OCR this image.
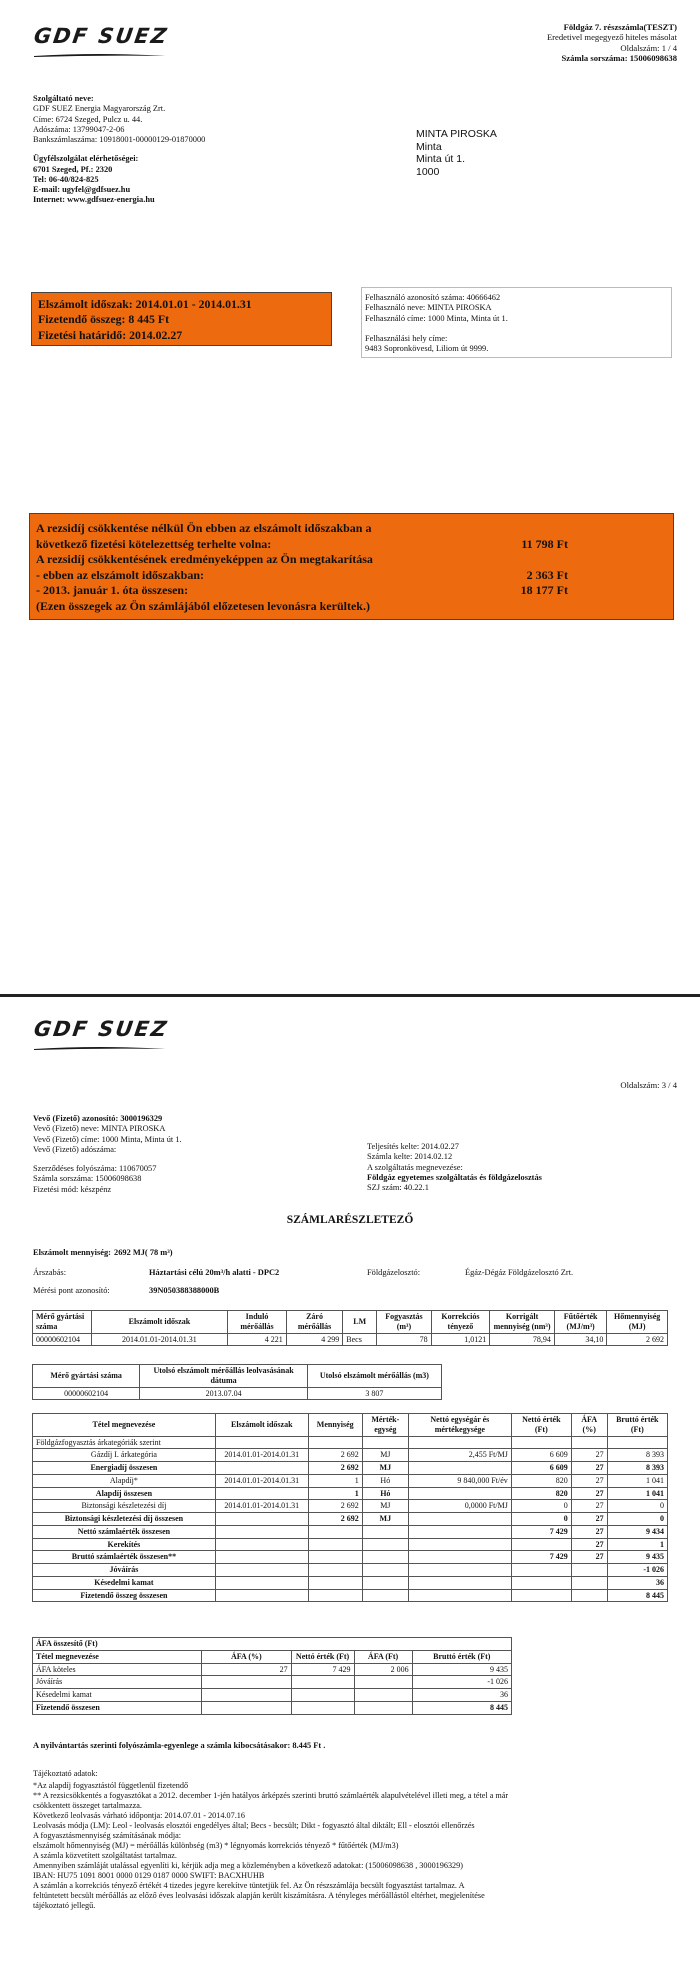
GDF SUEZ	Földgáz 7. részszámla(TESZT)
Eredetivel megegyező hiteles másolat
Oldalszám: 1 / 4
Számla sorszáma: 15006098638
Szolgáltató neve:
GDF SUEZ Energia Magyarország Zrt.
Címe: 6724 Szeged, Pulcz u. 44.
Adószáma: 13799047-2-06
Bankszámlaszáma: 10918001-00000129-01870000
Ügyfélszolgálat elérhetőségei:
6701 Szeged, Pf.: 2320
Tel: 06-40/824-825
E-mail: ugyfel@gdfsuez.hu
Internet: www.gdfsuez-energia.hu
MINTA PIROSKA
Minta
Minta út 1.
1000
Elszámolt időszak: 2014.01.01 - 2014.01.31
Fizetendő összeg: 8 445 Ft
Fizetési határidő: 2014.02.27
Felhasználó azonosító száma: 40666462
Felhasználó neve: MINTA PIROSKA
Felhasználó címe: 1000 Minta, Minta út 1.
Felhasználási hely címe:
9483 Sopronkövesd, Liliom út 9999.
A rezsidíj csökkentése nélkül Ön ebben az elszámolt időszakban a
következő fizetési kötelezettség terhelte volna:	11 798 Ft
A rezsidíj csökkentésének eredményeképpen az Ön megtakarítása
- ebben az elszámolt időszakban:	2 363 Ft
- 2013. január 1. óta összesen:	18 177 Ft
(Ezen összegek az Ön számlájából előzetesen levonásra kerültek.)
GDF SUEZ
Oldalszám: 3 / 4
Vevő (Fizető) azonosító: 3000196329
Vevő (Fizető) neve: MINTA PIROSKA
Vevő (Fizető) címe: 1000 Minta, Minta út 1.
Vevő (Fizető) adószáma:
Szerződéses folyószáma: 110670057
Számla sorszáma: 15006098638
Fizetési mód: készpénz
Teljesítés kelte: 2014.02.27
Számla kelte: 2014.02.12
A szolgáltatás megnevezése:
Földgáz egyetemes szolgáltatás és földgázelosztás
SZJ szám: 40.22.1
SZÁMLARÉSZLETEZŐ
Elszámolt mennyiség: 2692 MJ( 78 m³)
Árszabás:	Háztartási célú 20m³/h alatti - DPC2	Földgázelosztó:	Égáz-Dégáz Földgázelosztó Zrt.
Mérési pont azonosító:	39N050388388000B
Mérő gyártási száma	Elszámolt időszak	Induló mérőállás	Záró mérőállás	LM	Fogyasztás (m³)	Korrekciós tényező	Korrigált mennyiség (nm³)	Fűtőérték (MJ/m³)	Hőmennyiség (MJ)
00000602104	2014.01.01-2014.01.31	4 221	4 299	Becs	78	1,0121	78,94	34,10	2 692
Mérő gyártási száma	Utolsó elszámolt mérőállás leolvasásának dátuma	Utolsó elszámolt mérőállás (m3)
00000602104	2013.07.04	3 807
Tétel megnevezése	Elszámolt időszak	Mennyiség	Mérték-egység	Nettó egységár és mértékegysége	Nettó érték (Ft)	ÁFA (%)	Bruttó érték (Ft)
Földgázfogyasztás árkategóriák szerint							
Gázdíj I. árkategória	2014.01.01-2014.01.31	2 692	MJ	2,455 Ft/MJ	6 609	27	8 393
Energiadíj összesen		2 692	MJ		6 609	27	8 393
Alapdíj*	2014.01.01-2014.01.31	1	Hó	9 840,000 Ft/év	820	27	1 041
Alapdíj összesen		1	Hó		820	27	1 041
Biztonsági készletezési díj	2014.01.01-2014.01.31	2 692	MJ	0,0000 Ft/MJ	0	27	0
Biztonsági készletezési díj összesen		2 692	MJ		0	27	0
Nettó számlaérték összesen					7 429	27	9 434
Kerekítés						27	1
Bruttó számlaérték összesen**					7 429	27	9 435
Jóváírás							-1 026
Késedelmi kamat							36
Fizetendő összeg összesen							8 445
ÁFA összesítő (Ft)				
Tétel megnevezése	ÁFA (%)	Nettó érték (Ft)	ÁFA (Ft)	Bruttó érték (Ft)
ÁFA köteles	27	7 429	2 006	9 435
Jóváírás				-1 026
Késedelmi kamat				36
Fizetendő összesen				8 445
A nyilvántartás szerinti folyószámla-egyenlege a számla kibocsátásakor: 8.445 Ft .
Tájékoztató adatok:
*Az alapdíj fogyasztástól függetlenül fizetendő
** A rezsicsökkentés a fogyasztókat a 2012. december 1-jén hatályos árképzés szerinti bruttó számlaérték alapulvételével illeti meg, a tétel a már
csökkentett összeget tartalmazza.
Következő leolvasás várható időpontja: 2014.07.01 - 2014.07.16
Leolvasás módja (LM): Leol - leolvasás elosztói engedélyes által; Becs - becsült; Dikt - fogyasztó által diktált; Ell - elosztói ellenőrzés
A fogyasztásmennyiség számításának módja:
elszámolt hőmennyiség (MJ) = mérőállás különbség (m3) * légnyomás korrekciós tényező * fűtőérték (MJ/m3)
A számla közvetített szolgáltatást tartalmaz.
Amennyiben számláját utalással egyenlíti ki, kérjük adja meg a közleményben a következő adatokat: (15006098638 , 3000196329)
IBAN: HU75 1091 8001 0000 0129 0187 0000 SWIFT: BACXHUHB
A számlán a korrekciós tényező értékét 4 tizedes jegyre kerekítve tüntetjük fel. Az Ön részszámlája becsült fogyasztást tartalmaz. A
feltüntetett becsült mérőállás az előző éves leolvasási időszak alapján került kiszámításra. A tényleges mérőállástól eltérhet, megjelenítése
tájékoztató jellegű.
